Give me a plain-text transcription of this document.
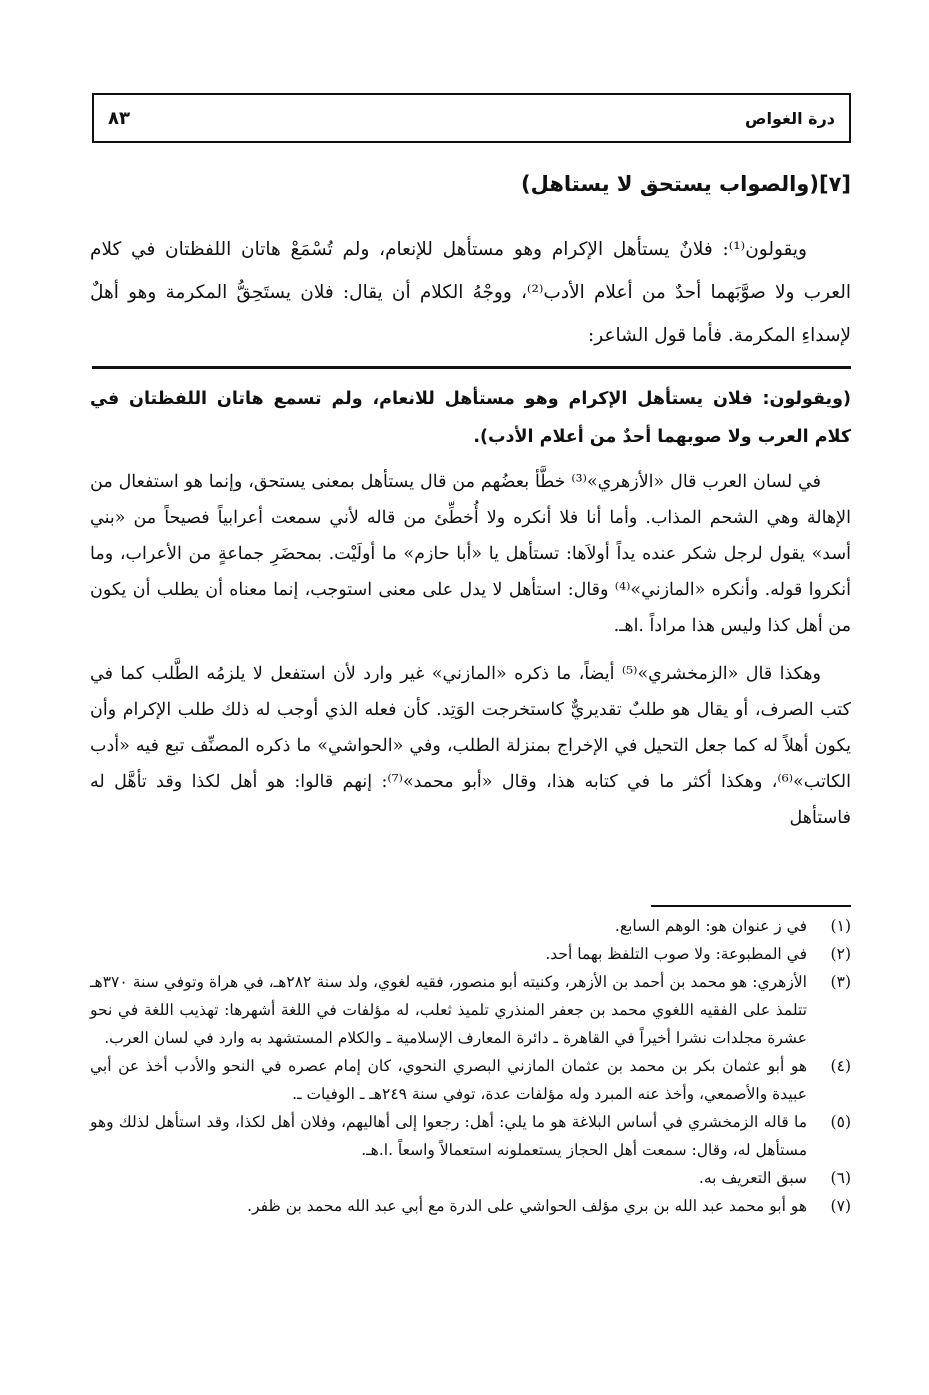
درة الغواص
٨٣
[٧](والصواب يستحق لا يستاهل)

ويقولون⁽¹⁾: فلانٌ يستأهل الإكرام وهو مستأهل للإنعام، ولم تُسْمَعْ هاتان اللفظتان في كلام العرب ولا صوَّبَهما أحدٌ من أعلام الأدب⁽²⁾، ووجْهُ الكلام أن يقال: فلان يستَحِقُّ المكرمة وهو أهلٌ لإسداءِ المكرمة. فأما قول الشاعر:

(ويقولون: فلان يستأهل الإكرام وهو مستأهل للانعام، ولم تسمع هاتان اللفظتان في كلام العرب ولا صوبهما أحدٌ من أعلام الأدب).

في لسان العرب قال «الأزهري»⁽³⁾ خطَّأ بعضُهم من قال يستأهل بمعنى يستحق، وإنما هو استفعال من الإهالة وهي الشحم المذاب. وأما أنا فلا أنكره ولا أُخطِّئ من قاله لأني سمعت أعرابياً فصيحاً من «بني أسد» يقول لرجل شكر عنده يداً أولاَها: تستأهل يا «أبا حازم» ما أولَيْت. بمحضَرِ جماعةٍ من الأعراب، وما أنكروا قوله. وأنكره «المازني»⁽⁴⁾ وقال: استأهل لا يدل على معنى استوجب، إنما معناه أن يطلب أن يكون من أهل كذا وليس هذا مراداً .اهـ.

وهكذا قال «الزمخشري»⁽⁵⁾ أيضاً، ما ذكره «المازني» غير وارد لأن استفعل لا يلزمُه الطَّلب كما في كتب الصرف، أو يقال هو طلبٌ تقديريٌّ كاستخرجت الوَتِد. كأن فعله الذي أوجب له ذلك طلب الإكرام وأن يكون أهلاً له كما جعل التحيل في الإخراج بمنزلة الطلب، وفي «الحواشي» ما ذكره المصنِّف تبع فيه «أدب الكاتب»⁽⁶⁾، وهكذا أكثر ما في كتابه هذا، وقال «أبو محمد»⁽⁷⁾: إنهم قالوا: هو أهل لكذا وقد تأهَّل له فاستأهل

(١)
في ز عنوان هو: الوهم السابع.
(٢)
في المطبوعة: ولا صوب التلفظ بهما أحد.
(٣)
الأزهري: هو محمد بن أحمد بن الأزهر، وكنيته أبو منصور، فقيه لغوي، ولد سنة ٢٨٢هـ، في هراة وتوفي سنة ٣٧٠هـ تتلمذ على الفقيه اللغوي محمد بن جعفر المنذري تلميذ ثعلب، له مؤلفات في اللغة أشهرها: تهذيب اللغة في نحو عشرة مجلدات نشرا أخيراً في القاهرة ـ دائرة المعارف الإسلامية ـ والكلام المستشهد به وارد في لسان العرب.
(٤)
هو أبو عثمان بكر بن محمد بن عثمان المازني البصري النحوي، كان إمام عصره في النحو والأدب أخذ عن أبي عبيدة والأصمعي، وأخذ عنه المبرد وله مؤلفات عدة، توفي سنة ٢٤٩هـ ـ الوفيات ـ.
(٥)
ما قاله الزمخشري في أساس البلاغة هو ما يلي: أهل: رجعوا إلى أهاليهم، وفلان أهل لكذا، وقد استأهل لذلك وهو مستأهل له، وقال: سمعت أهل الحجاز يستعملونه استعمالاً واسعاً .ا.هـ.
(٦)
سبق التعريف به.
(٧)
هو أبو محمد عبد الله بن بري مؤلف الحواشي على الدرة مع أبي عبد الله محمد بن ظفر.
